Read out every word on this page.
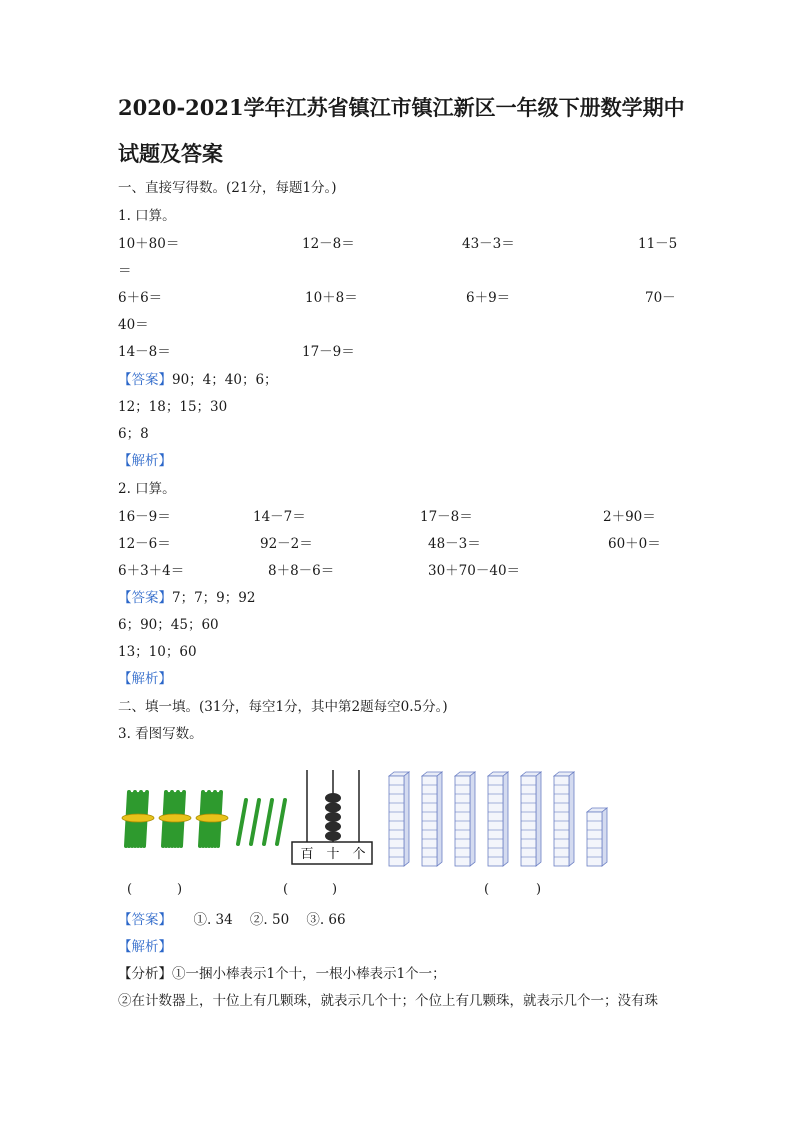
2020-2021学年江苏省镇江市镇江新区一年级下册数学期中
试题及答案
一、直接写得数。(21分，每题1分。)
1. 口算。
10＋80＝	12－8＝	43－3＝	11－5
＝
6＋6＝	10＋8＝	6＋9＝	70－
40＝
14－8＝	17－9＝
【答案】90；4；40；6；
12；18；15；30
6；8
【解析】
2. 口算。
16－9＝	14－7＝	17－8＝	2＋90＝
12－6＝	92－2＝	48－3＝	60＋0＝
6＋3＋4＝	8＋8－6＝	30＋70－40＝
【答案】7；7；9；92
6；90；45；60
13；10；60
【解析】
二、填一填。(31分，每空1分，其中第2题每空0.5分。)
3. 看图写数。
百 十 个
(	)	(	)	(	)
【答案】 ①. 34    ②. 50    ③. 66
【解析】
【分析】①一捆小棒表示1个十，一根小棒表示1个一；
②在计数器上，十位上有几颗珠，就表示几个十；个位上有几颗珠，就表示几个一；没有珠
